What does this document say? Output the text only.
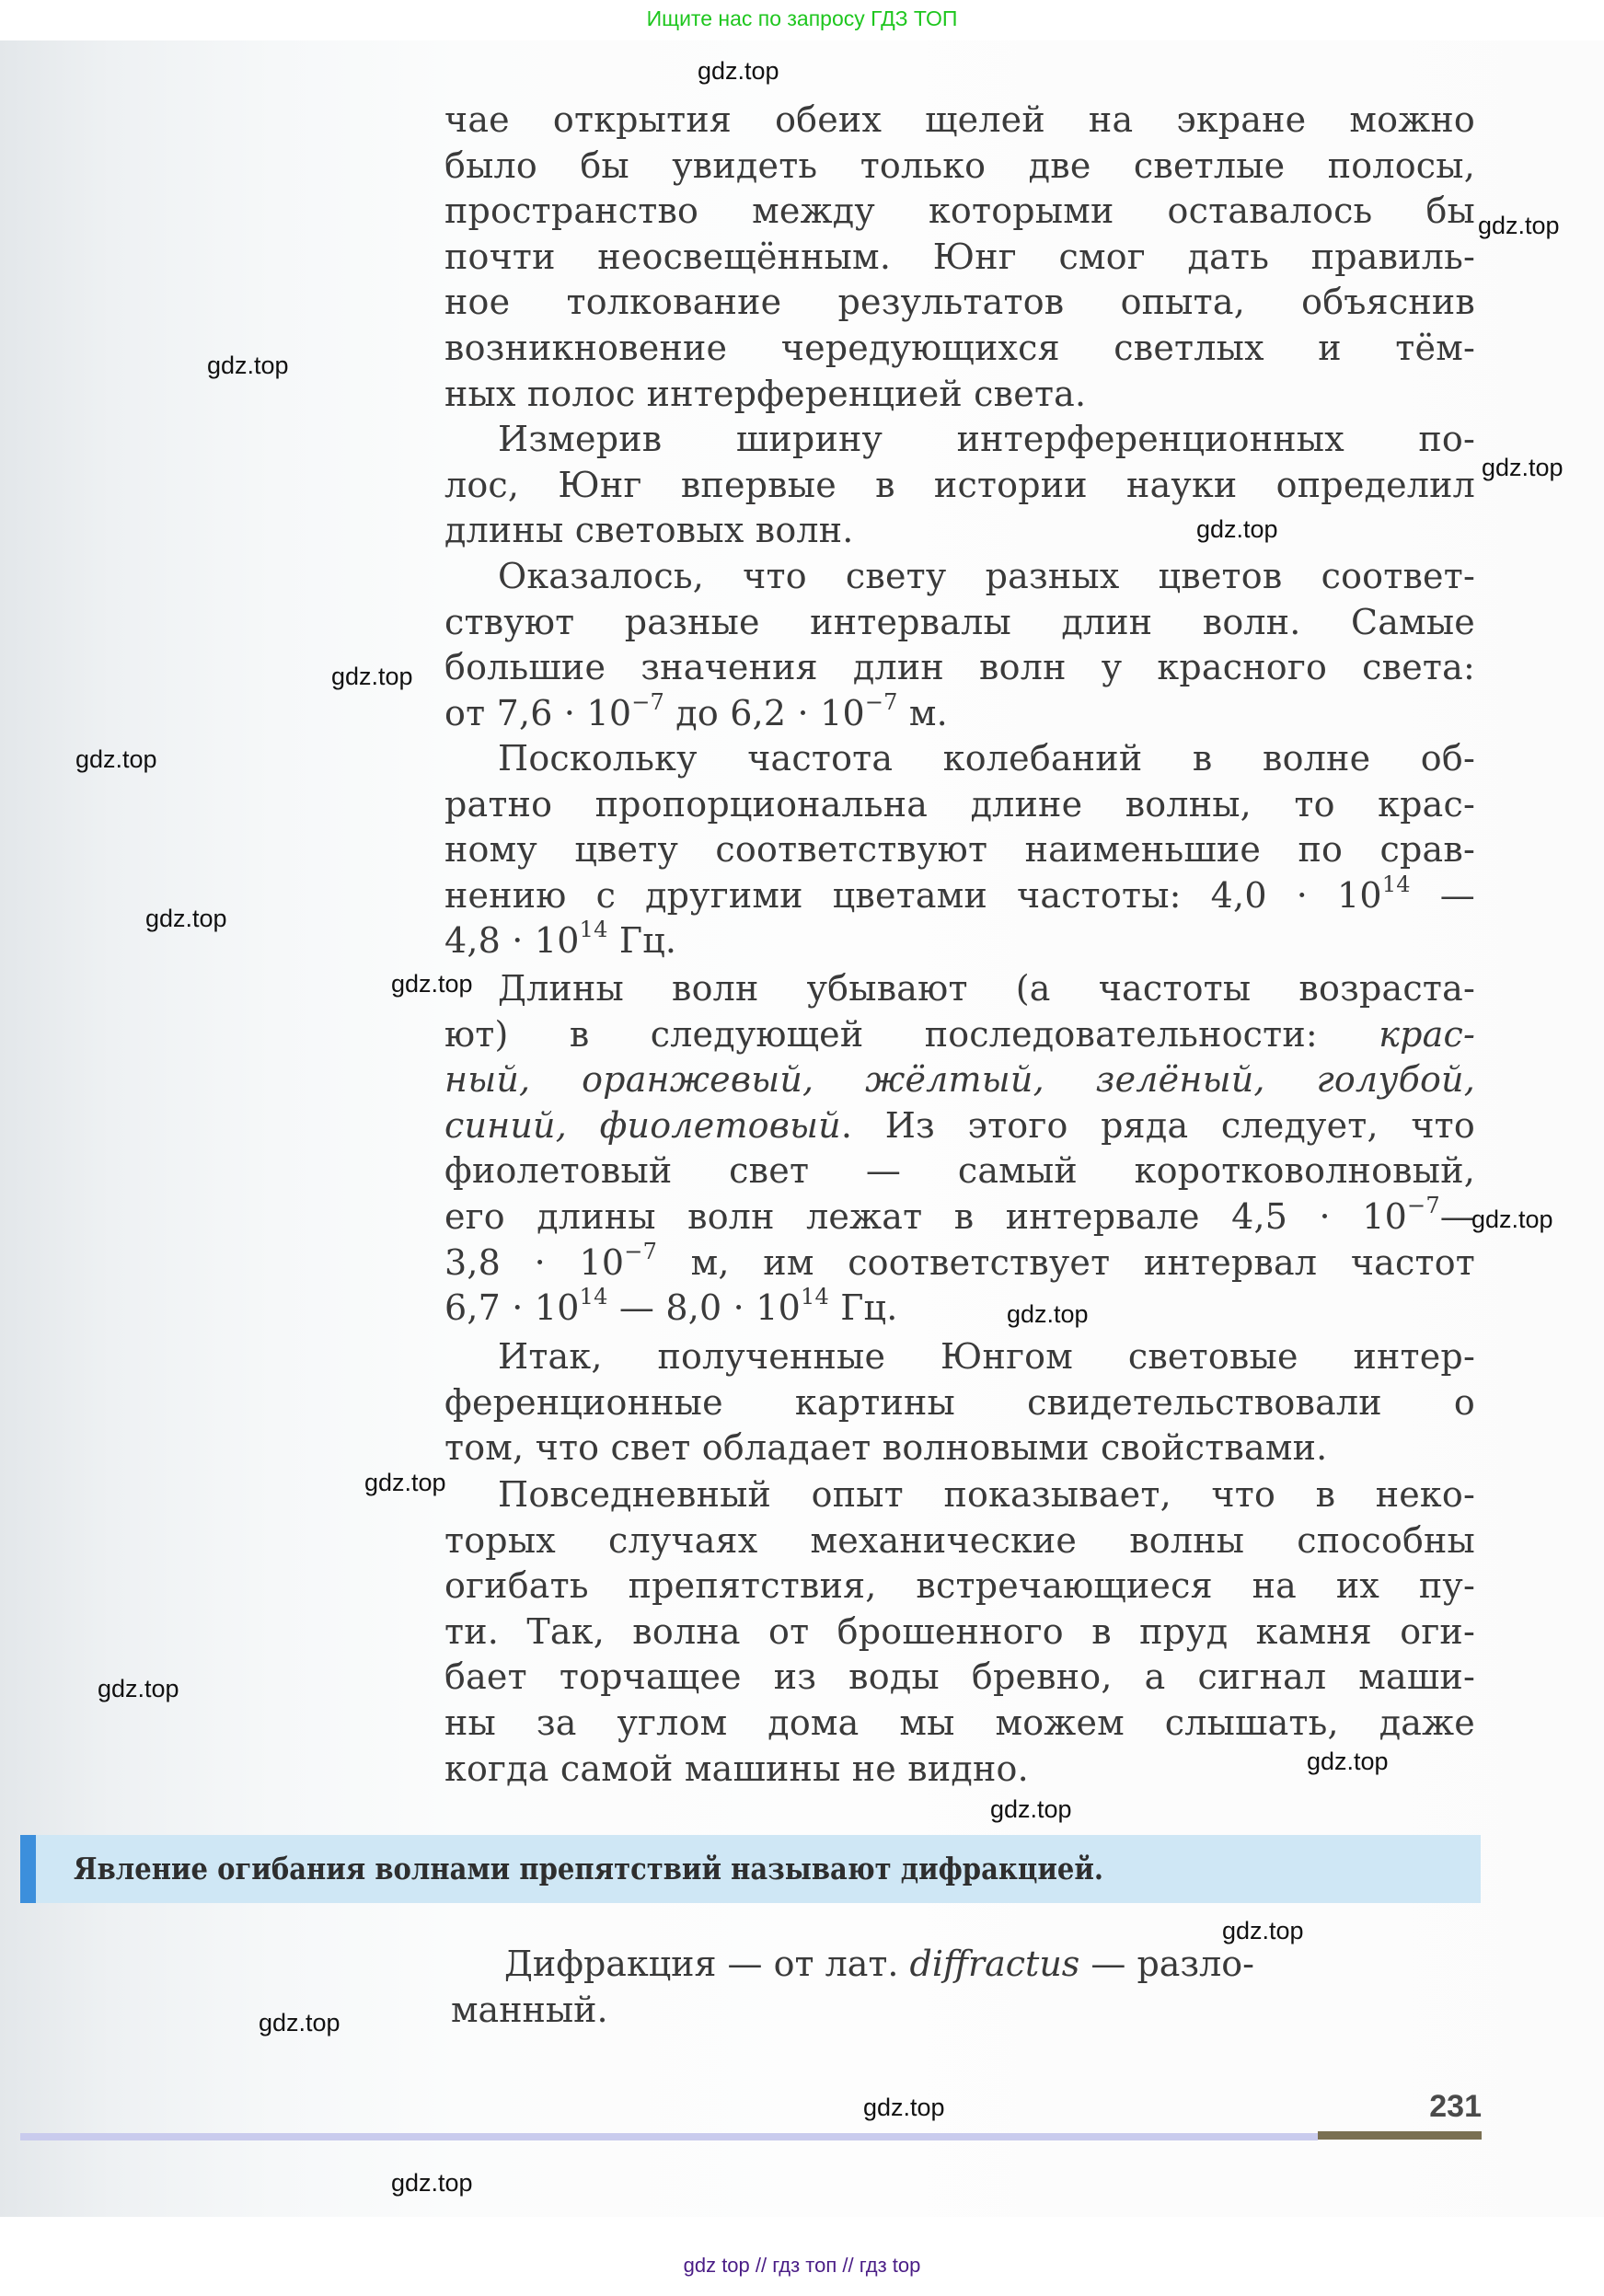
Ищите нас по запросу ГДЗ ТОП
чае открытия обеих щелей на экране можно
было бы увидеть только две светлые полосы,
пространство между которыми оставалось бы
почти неосвещённым. Юнг смог дать правиль-
ное толкование результатов опыта, объяснив
возникновение чередующихся светлых и тём-
ных полос интерференцией света.
Измерив ширину интерференционных по-
лос, Юнг впервые в истории науки определил
длины световых волн.
Оказалось, что свету разных цветов соответ-
ствуют разные интервалы длин волн. Самые
большие значения длин волн у красного света:
от $7,6 \cdot 10^{-7}$ до $6,2 \cdot 10^{-7}$ м.
Поскольку частота колебаний в волне об-
ратно пропорциональна длине волны, то крас-
ному цвету соответствуют наименьшие по срав-
нению с другими цветами частоты: $4,0 \cdot 10^{14}$ —
$4,8 \cdot 10^{14}$ Гц.
Длины волн убывают (а частоты возраста-
ют) в следующей последовательности: крас-
ный, оранжевый, жёлтый, зелёный, голубой,
синий, фиолетовый. Из этого ряда следует, что
фиолетовый свет — самый коротковолновый,
его длины волн лежат в интервале $4,5 \cdot 10^{-7}—$
$3,8 \cdot 10^{-7}$ м, им соответствует интервал частот
$6,7 \cdot 10^{14}$ — $8,0 \cdot 10^{14}$ Гц.
Итак, полученные Юнгом световые интер-
ференционные картины свидетельствовали о
том, что свет обладает волновыми свойствами.
Повседневный опыт показывает, что в неко-
торых случаях механические волны способны
огибать препятствия, встречающиеся на их пу-
ти. Так, волна от брошенного в пруд камня оги-
бает торчащее из воды бревно, а сигнал маши-
ны за углом дома мы можем слышать, даже
когда самой машины не видно.
Явление огибания волнами препятствий называют дифракцией.
Дифракция — от лат. diffractus — разло-
манный.
231
gdz.top
gdz.top
gdz.top
gdz.top
gdz.top
gdz.top
gdz.top
gdz.top
gdz.top
gdz.top
gdz.top
gdz.top
gdz.top
gdz.top
gdz.top
gdz.top
gdz.top
gdz.top
gdz.top
gdz top // гдз топ // гдз top
